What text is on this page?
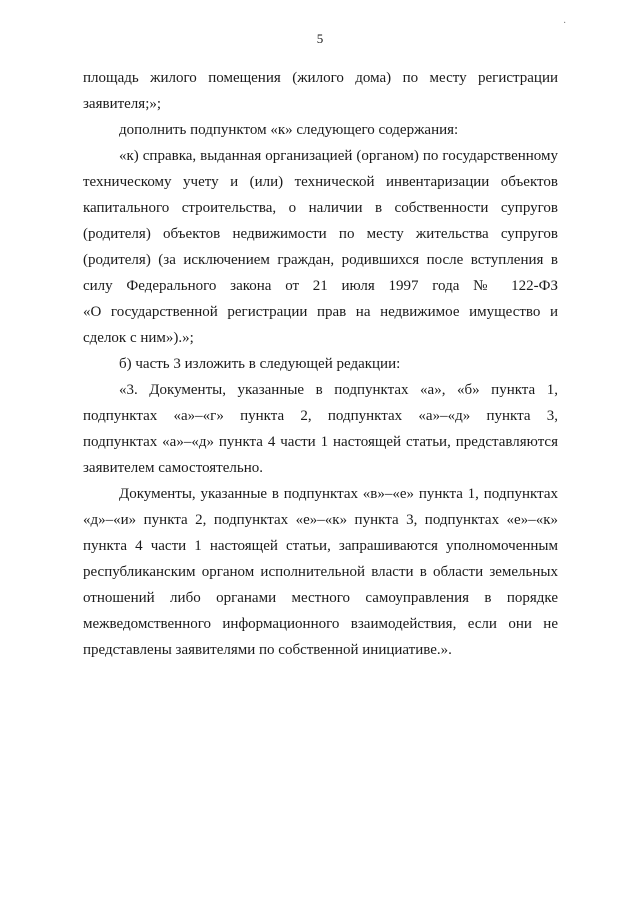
·
5
площадь жилого помещения (жилого дома) по месту регистрации
заявителя;»;
дополнить подпунктом «к» следующего содержания:
«к) справка, выданная организацией (органом) по государственному
техническому учету и (или) технической инвентаризации объектов
капитального строительства, о наличии в собственности супругов
(родителя) объектов недвижимости по месту жительства супругов
(родителя) (за исключением граждан, родившихся после вступления в
силу Федерального закона от 21 июля 1997 года № 122-ФЗ
«О государственной регистрации прав на недвижимое имущество и
сделок с ним»).»;
б) часть 3 изложить в следующей редакции:
«3. Документы, указанные в подпунктах «а», «б» пункта 1,
подпунктах «а»–«г» пункта 2, подпунктах «а»–«д» пункта 3,
подпунктах «а»–«д» пункта 4 части 1 настоящей статьи, представляются
заявителем самостоятельно.
Документы, указанные в подпунктах «в»–«е» пункта 1, подпунктах
«д»–«и» пункта 2, подпунктах «е»–«к» пункта 3, подпунктах «е»–«к»
пункта 4 части 1 настоящей статьи, запрашиваются уполномоченным
республиканским органом исполнительной власти в области земельных
отношений либо органами местного самоуправления в порядке
межведомственного информационного взаимодействия, если они не
представлены заявителями по собственной инициативе.».
